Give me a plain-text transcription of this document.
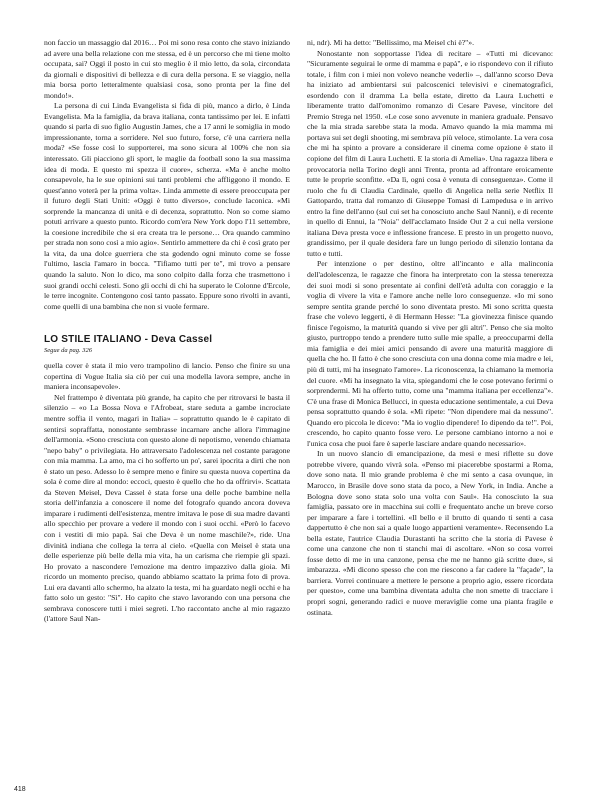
non faccio un massaggio dal 2016… Poi mi sono resa conto che stavo iniziando ad avere una bella relazione con me stessa, ed è un percorso che mi tiene molto occupata, sai? Oggi il posto in cui sto meglio è il mio letto, da sola, circondata da giornali e dispositivi di bellezza e di cura della persona. E se viaggio, nella mia borsa porto letteralmente qualsiasi cosa, sono pronta per la fine del mondo!».

La persona di cui Linda Evangelista si fida di più, manco a dirlo, è Linda Evangelista. Ma la famiglia, da brava italiana, conta tantissimo per lei. E infatti quando si parla di suo figlio Augustin James, che a 17 anni le somiglia in modo impressionante, torna a sorridere. Nel suo futuro, forse, c'è una carriera nella moda? «Se fosse così lo supporterei, ma sono sicura al 100% che non sia interessato. Gli piacciono gli sport, le maglie da football sono la sua massima idea di moda. E questo mi spezza il cuore», scherza. «Ma è anche molto consapevole, ha le sue opinioni sui tanti problemi che affliggono il mondo. E quest'anno voterà per la prima volta». Linda ammette di essere preoccupata per il futuro degli Stati Uniti: «Oggi è tutto diverso», conclude laconica. «Mi sorprende la mancanza di unità e di decenza, soprattutto. Non so come siamo potuti arrivare a questo punto. Ricordo com'era New York dopo l'11 settembre, la coesione incredibile che si era creata tra le persone… Ora quando cammino per strada non sono così a mio agio». Sentirlo ammettere da chi è così grato per la vita, da una dolce guerriera che sta godendo ogni minuto come se fosse l'ultimo, lascia l'amaro in bocca. "Tifiamo tutti per te", mi trovo a pensare quando la saluto. Non lo dico, ma sono colpito dalla forza che trasmettono i suoi grandi occhi celesti. Sono gli occhi di chi ha superato le Colonne d'Ercole, le terre incognite. Contengono così tanto passato. Eppure sono rivolti in avanti, come quelli di una bambina che non si vuole fermare.

LO STILE ITALIANO - Deva Cassel
Segue da pag. 326

quella cover è stata il mio vero trampolino di lancio. Penso che finire su una copertina di Vogue Italia sia ciò per cui una modella lavora sempre, anche in maniera inconsapevole».

Nel frattempo è diventata più grande, ha capito che per ritrovarsi le basta il silenzio – «o La Bossa Nova e l'Afrobeat, stare seduta a gambe incrociate mentre soffia il vento, magari in Italia» – soprattutto quando le è capitato di sentirsi sopraffatta, nonostante sembrasse incarnare anche allora l'immagine dell'armonia. «Sono cresciuta con questo alone di nepotismo, venendo chiamata "nepo baby" o privilegiata. Ho attraversato l'adolescenza nel costante paragone con mia mamma. La amo, ma ci ho sofferto un po', sarei ipocrita a dirti che non è stato un peso. Adesso lo è sempre meno e finire su questa nuova copertina da sola è come dire al mondo: eccoci, questo è quello che ho da offrirvi». Scattata da Steven Meisel, Deva Cassel è stata forse una delle poche bambine nella storia dell'infanzia a conoscere il nome del fotografo quando ancora doveva imparare i rudimenti dell'esistenza, mentre imitava le pose di sua madre davanti allo specchio per provare a vedere il mondo con i suoi occhi. «Però lo facevo con i vestiti di mio papà. Sai che Deva è un nome maschile?», ride. Una divinità indiana che collega la terra al cielo. «Quella con Meisel è stata una delle esperienze più belle della mia vita, ha un carisma che riempie gli spazi. Ho provato a nascondere l'emozione ma dentro impazzivo dalla gioia. Mi ricordo un momento preciso, quando abbiamo scattato la prima foto di prova. Lui era davanti allo schermo, ha alzato la testa, mi ha guardato negli occhi e ha fatto solo un gesto: "Sì". Ho capito che stavo lavorando con una persona che sembrava conoscere tutti i miei segreti. L'ho raccontato anche al mio ragazzo (l'attore Saul Nan-

ni, ndr). Mi ha detto: "Bellissimo, ma Meisel chi è?"».

Nonostante non sopportasse l'idea di recitare – «Tutti mi dicevano: "Sicuramente seguirai le orme di mamma e papà", e io rispondevo con il rifiuto totale, i film con i miei non volevo neanche vederli» –, dall'anno scorso Deva ha iniziato ad ambientarsi sui palcoscenici televisivi e cinematografici, esordendo con il dramma La bella estate, diretto da Laura Luchetti e liberamente tratto dall'omonimo romanzo di Cesare Pavese, vincitore del Premio Strega nel 1950. «Le cose sono avvenute in maniera graduale. Pensavo che la mia strada sarebbe stata la moda. Amavo quando la mia mamma mi portava sui set degli shooting, mi sembrava più veloce, stimolante. La vera cosa che mi ha spinto a provare a considerare il cinema come opzione è stato il copione del film di Laura Luchetti. E la storia di Amelia». Una ragazza libera e provocatoria nella Torino degli anni Trenta, pronta ad affrontare eroicamente tutte le proprie sconfitte. «Da lì, ogni cosa è venuta di conseguenza». Come il ruolo che fu di Claudia Cardinale, quello di Angelica nella serie Netflix Il Gattopardo, tratta dal romanzo di Giuseppe Tomasi di Lampedusa e in arrivo entro la fine dell'anno (sul cui set ha conosciuto anche Saul Nanni), e di recente in quello di Ennui, la "Noia" dell'acclamato Inside Out 2 a cui nella versione italiana Deva presta voce e inflessione francese. E presto in un progetto nuovo, grandissimo, per il quale desidera fare un lungo periodo di silenzio lontana da tutto e tutti.

Per intenzione o per destino, oltre all'incanto e alla malinconia dell'adolescenza, le ragazze che finora ha interpretato con la stessa tenerezza dei suoi modi si sono presentate ai confini dell'età adulta con coraggio e la voglia di vivere la vita e l'amore anche nelle loro conseguenze. «Io mi sono sempre sentita grande perché lo sono diventata presto. Mi sono scritta questa frase che volevo leggerti, è di Hermann Hesse: "La giovinezza finisce quando finisce l'egoismo, la maturità quando si vive per gli altri". Penso che sia molto giusto, purtroppo tendo a prendere tutto sulle mie spalle, a preoccuparmi della mia famiglia e dei miei amici pensando di avere una maturità maggiore di quella che ho. Il fatto è che sono cresciuta con una donna come mia madre e lei, più di tutti, mi ha insegnato l'amore». La riconoscenza, la chiamano la memoria del cuore. «Mi ha insegnato la vita, spiegandomi che le cose potevano ferirmi o sorprendermi. Mi ha offerto tutto, come una "mamma italiana per eccellenza"». C'è una frase di Monica Bellucci, in questa educazione sentimentale, a cui Deva pensa soprattutto quando è sola. «Mi ripete: "Non dipendere mai da nessuno". Quando ero piccola le dicevo: "Ma io voglio dipendere! Io dipendo da te!". Poi, crescendo, ho capito quanto fosse vero. Le persone cambiano intorno a noi e l'unica cosa che puoi fare è saperle lasciare andare quando necessario».

In un nuovo slancio di emancipazione, da mesi e mesi riflette su dove potrebbe vivere, quando vivrà sola. «Penso mi piacerebbe spostarmi a Roma, dove sono nata. Il mio grande problema è che mi sento a casa ovunque, in Marocco, in Brasile dove sono stata da poco, a New York, in India. Anche a Bologna dove sono stata solo una volta con Saul». Ha conosciuto la sua famiglia, passato ore in macchina sui colli e frequentato anche un breve corso per imparare a fare i tortellini. «Il bello e il brutto di quando ti senti a casa dappertutto è che non sai a quale luogo appartieni veramente». Recensendo La bella estate, l'autrice Claudia Durastanti ha scritto che la storia di Pavese è come una canzone che non ti stanchi mai di ascoltare. «Non so cosa vorrei fosse detto di me in una canzone, pensa che me ne hanno già scritte due», si imbarazza. «Mi dicono spesso che con me riescono a far cadere la "façade", la barriera. Vorrei continuare a mettere le persone a proprio agio, essere ricordata per questo», come una bambina diventata adulta che non smette di tracciare i propri sogni, generando radici e nuove meraviglie come una pianta fragile e ostinata.

418
